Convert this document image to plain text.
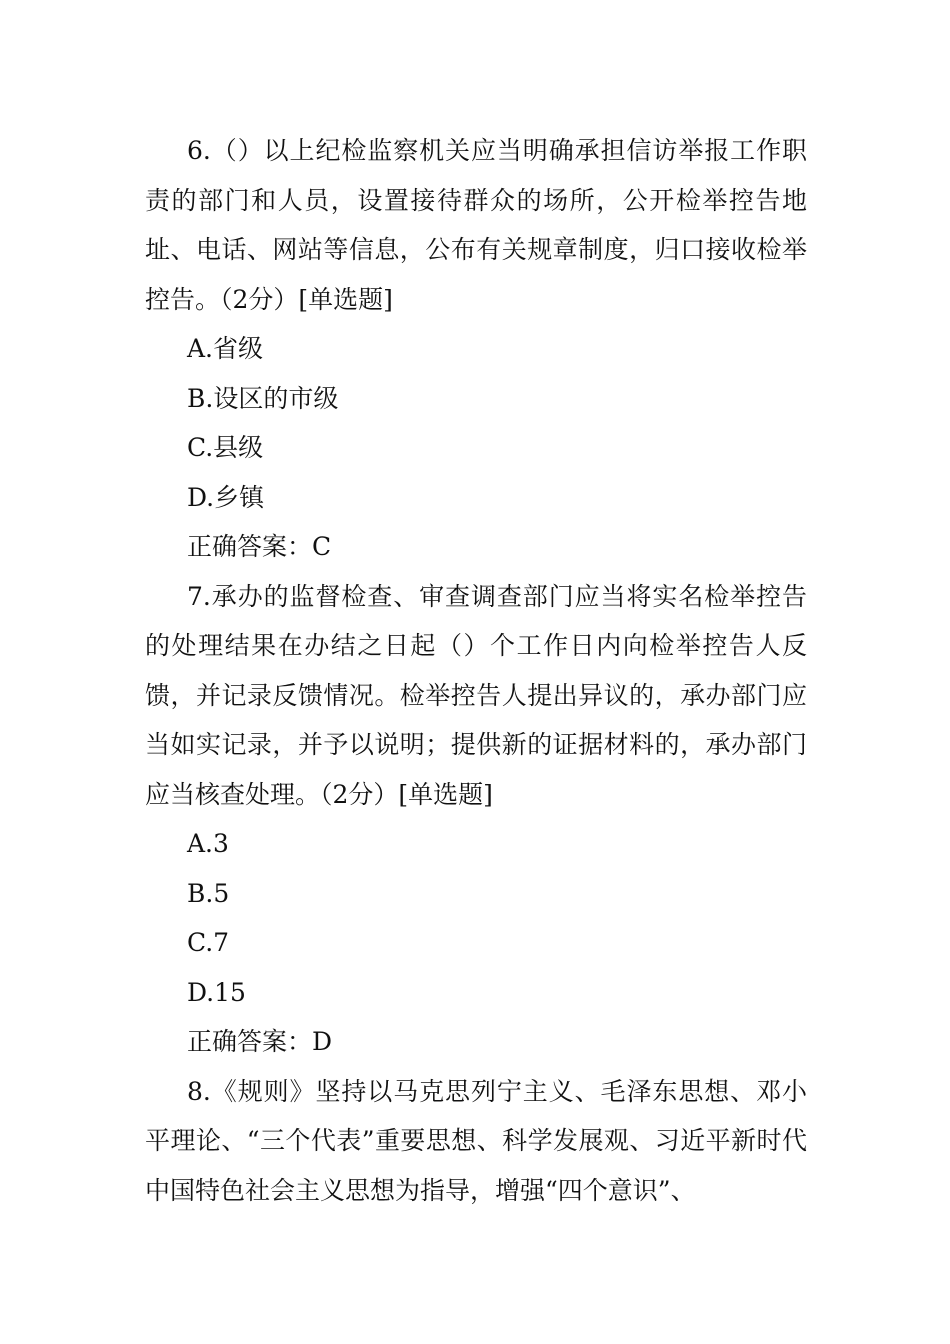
6.（）以上纪检监察机关应当明确承担信访举报工作职责的部门和人员，设置接待群众的场所，公开检举控告地址、电话、网站等信息，公布有关规章制度，归口接收检举控告。（2分）[单选题]

A.省级

B.设区的市级

C.县级

D.乡镇

正确答案：C

7.承办的监督检查、审查调查部门应当将实名检举控告的处理结果在办结之日起（）个工作日内向检举控告人反馈，并记录反馈情况。检举控告人提出异议的，承办部门应当如实记录，并予以说明；提供新的证据材料的，承办部门应当核查处理。（2分）[单选题]

A.3

B.5

C.7

D.15

正确答案：D

8.《规则》坚持以马克思列宁主义、毛泽东思想、邓小平理论、“三个代表”重要思想、科学发展观、习近平新时代中国特色社会主义思想为指导，增强“四个意识”、
